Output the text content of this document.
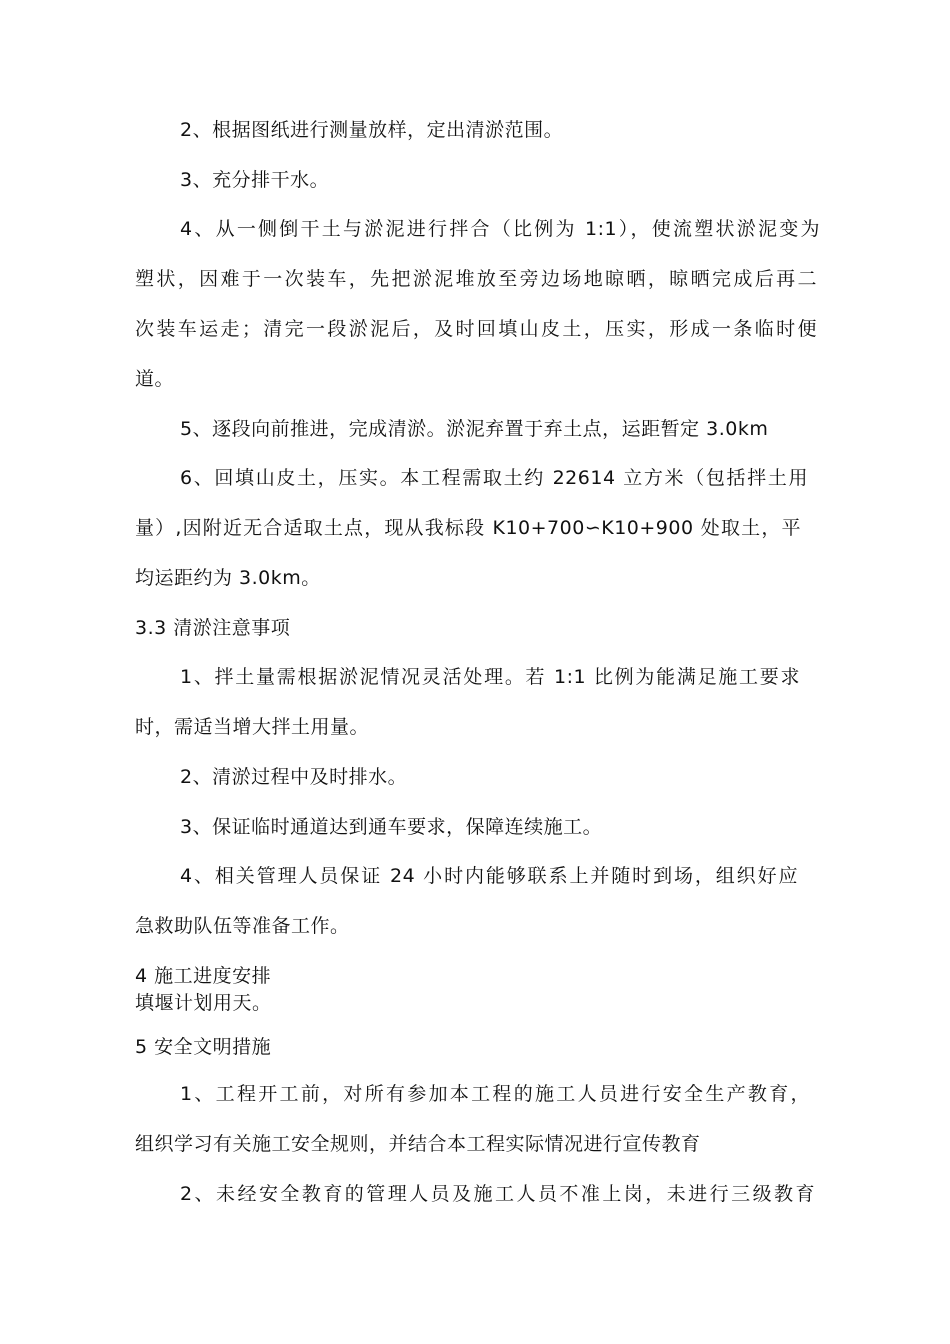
2、根据图纸进行测量放样，定出清淤范围。
3、充分排干水。
4、从一侧倒干土与淤泥进行拌合（比例为 1:1），使流塑状淤泥变为
塑状，因难于一次装车，先把淤泥堆放至旁边场地晾晒，晾晒完成后再二
次装车运走；清完一段淤泥后，及时回填山皮土，压实，形成一条临时便
道。
5、逐段向前推进，完成清淤。淤泥弃置于弃土点，运距暂定 3.0km
6、回填山皮土，压实。本工程需取土约 22614 立方米（包括拌土用
量）,因附近无合适取土点，现从我标段 K10+700∽K10+900 处取土，平
均运距约为 3.0km。
3.3 清淤注意事项
1、拌土量需根据淤泥情况灵活处理。若 1:1 比例为能满足施工要求
时，需适当增大拌土用量。
2、清淤过程中及时排水。
3、保证临时通道达到通车要求，保障连续施工。
4、相关管理人员保证 24 小时内能够联系上并随时到场，组织好应
急救助队伍等准备工作。
4 施工进度安排
填堰计划用天。
5 安全文明措施
1、工程开工前，对所有参加本工程的施工人员进行安全生产教育，
组织学习有关施工安全规则，并结合本工程实际情况进行宣传教育
2、未经安全教育的管理人员及施工人员不准上岗，未进行三级教育
